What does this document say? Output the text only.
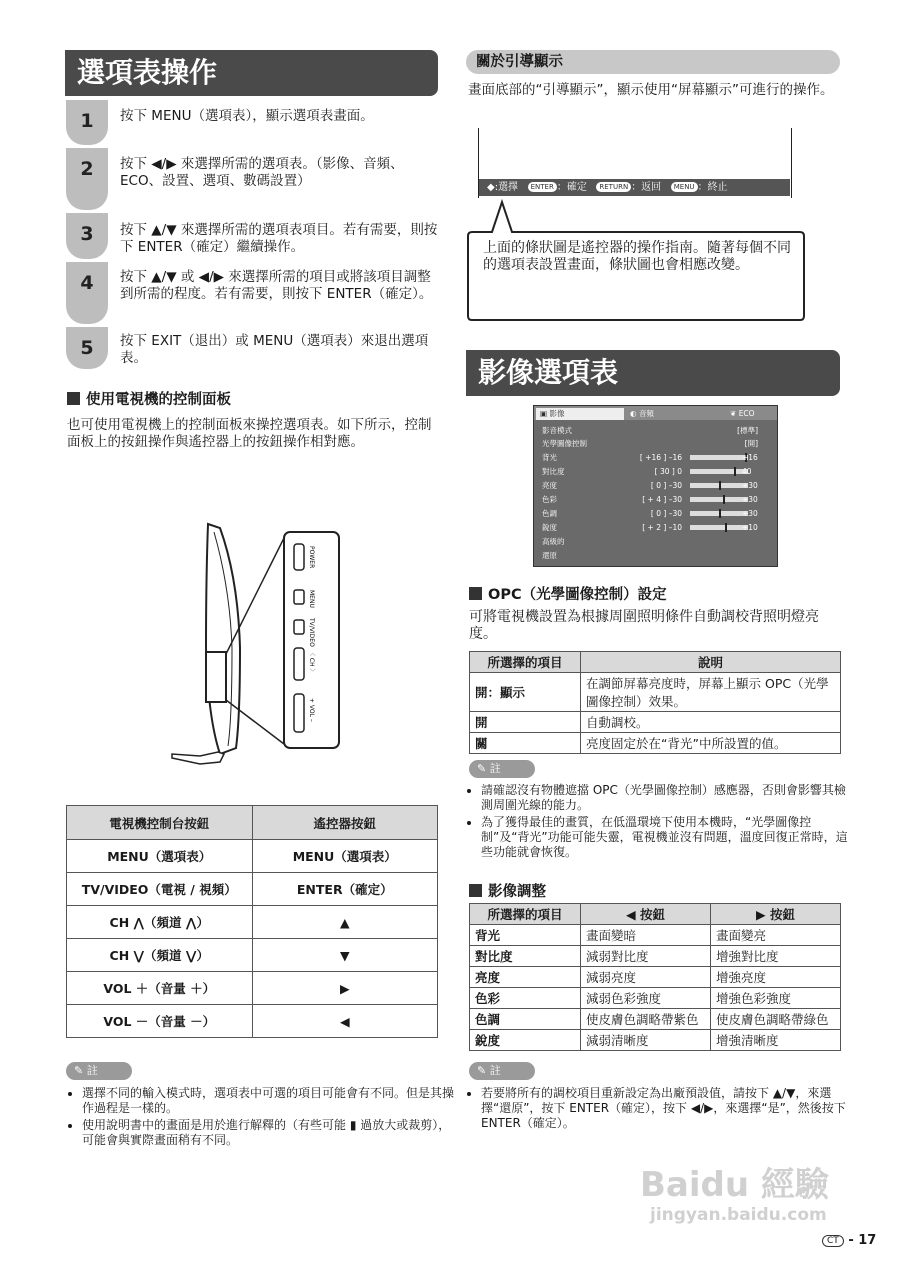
選項表操作
1	按下 MENU（選項表），顯示選項表畫面。
2	按下 ◀/▶ 來選擇所需的選項表。（影像、音頻、ECO、設置、選項、數碼設置）
3	按下 ▲/▼ 來選擇所需的選項表項目。若有需要，則按下 ENTER（確定）繼續操作。
4	按下 ▲/▼ 或 ◀/▶ 來選擇所需的項目或將該項目調整到所需的程度。若有需要，則按下 ENTER（確定）。
5	按下 EXIT（退出）或 MENU（選項表）來退出選項表。
使用電視機的控制面板
也可使用電視機上的控制面板來操控選項表。如下所示，控制面板上的按鈕操作與遙控器上的按鈕操作相對應。
POWER
MENU
TV/VIDEO
〈 CH 〉
+ VOL –
電視機控制台按鈕	遙控器按鈕
MENU（選項表）	MENU（選項表）
TV/VIDEO（電視 / 視頻）	ENTER（確定）
CH ⋀（頻道 ⋀）	▲
CH ⋁（頻道 ⋁）	▼
VOL ＋（音量 ＋）	▶
VOL －（音量 －）	◀
✎ 註
• 選擇不同的輸入模式時，選項表中可選的項目可能會有不同。但是其操作過程是一樣的。
• 使用說明書中的畫面是用於進行解釋的（有些可能 ▮ 過放大或裁剪），可能會與實際畫面稍有不同。
關於引導顯示
畫面底部的“引導顯示”，顯示使用“屏幕顯示”可進行的操作。
◆:選擇 ENTER ：確定 RETURN ：返回 MENU ：終止
上面的條狀圖是遙控器的操作指南。隨著每個不同的選項表設置畫面，條狀圖也會相應改變。
影像選項表
▣ 影像	◐ 音頻	❦ ECO
影音模式	[標準]
光學圖像控制	[開]
背光	[ +16 ] –16	+16
對比度	[ 30 ] 0	40
亮度	[ 0 ] –30	+30
色彩	[ + 4 ] –30	+30
色調	[ 0 ] –30	+30
銳度	[ + 2 ] –10	+10
高級的
還原
OPC（光學圖像控制）設定
可將電視機設置為根據周圍照明條件自動調校背照明燈亮度。
所選擇的項目	說明
開：顯示	在調節屏幕亮度時，屏幕上顯示 OPC（光學圖像控制）效果。
開	自動調校。
關	亮度固定於在“背光”中所設置的值。
✎ 註
• 請確認沒有物體遮擋 OPC（光學圖像控制）感應器，否則會影響其檢測周圍光線的能力。
• 為了獲得最佳的畫質，在低溫環境下使用本機時，“光學圖像控制”及“背光”功能可能失靈，電視機並沒有問題，溫度回復正常時，這些功能就會恢復。
影像調整
所選擇的項目	◀ 按鈕	▶ 按鈕
背光	畫面變暗	畫面變亮
對比度	減弱對比度	增強對比度
亮度	減弱亮度	增強亮度
色彩	減弱色彩強度	增強色彩強度
色調	使皮膚色調略帶紫色	使皮膚色調略帶綠色
銳度	減弱清晰度	增強清晰度
✎ 註
• 若要將所有的調校項目重新設定為出廠預設值，請按下 ▲/▼，來選擇“還原”，按下 ENTER（確定），按下 ◀/▶，來選擇“是”，然後按下 ENTER（確定）。
Baidu 經驗
jingyan.baidu.com
CT - 17
